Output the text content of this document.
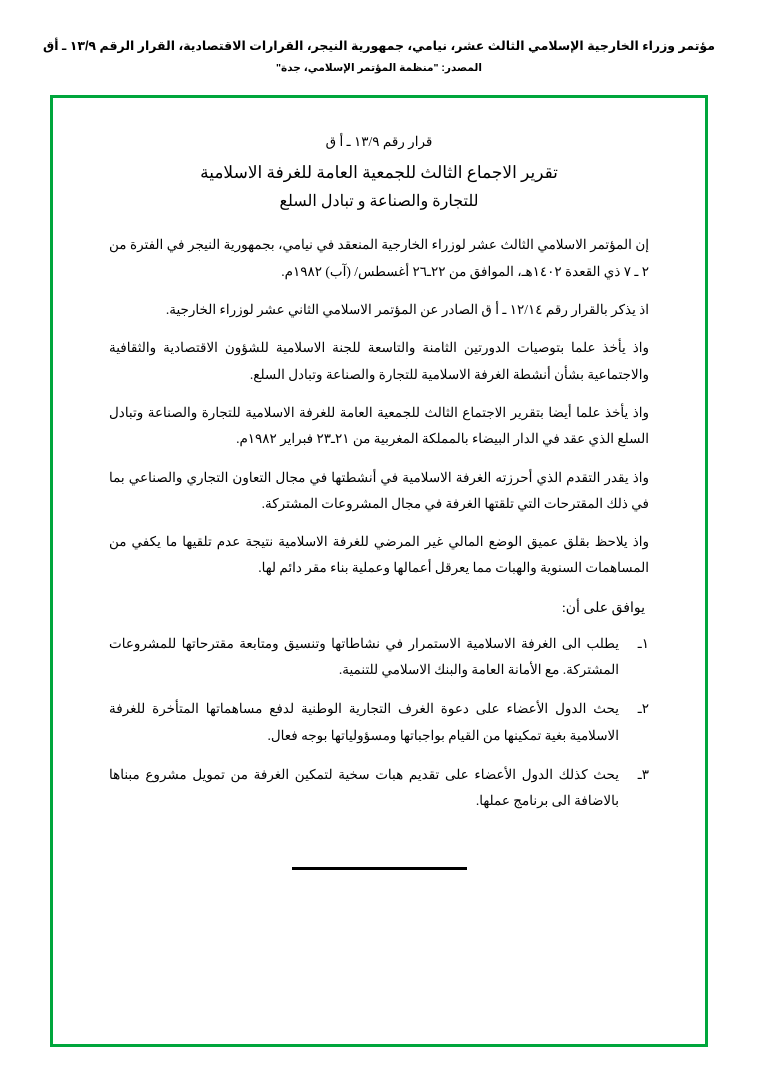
مؤتمر وزراء الخارجية الإسلامي الثالث عشر، نيامي، جمهورية النيجر، القرارات الاقتصادية، القرار الرقم ١٣/٩ ـ أق
المصدر: "منظمة المؤتمر الإسلامي، جدة"
قرار رقم ١٣/٩ ـ أ ق
تقرير الاجماع الثالث للجمعية العامة للغرفة الاسلامية
للتجارة والصناعة و تبادل السلع

إن المؤتمر الاسلامي الثالث عشر لوزراء الخارجية المنعقد في نيامي، بجمهورية النيجر في الفترة من ٢ ـ ٧ ذي القعدة ١٤٠٢هـ، الموافق من ٢٢ـ٢٦ أغسطس/ (آب) ١٩٨٢م.

اذ يذكر بالقرار رقم ١٢/١٤ ـ أ ق الصادر عن المؤتمر الاسلامي الثاني عشر لوزراء الخارجية.

واذ يأخذ علما بتوصيات الدورتين الثامنة والتاسعة للجنة الاسلامية للشؤون الاقتصادية والثقافية والاجتماعية بشأن أنشطة الغرفة الاسلامية للتجارة والصناعة وتبادل السلع.

واذ يأخذ علما أيضا بتقرير الاجتماع الثالث للجمعية العامة للغرفة الاسلامية للتجارة والصناعة وتبادل السلع الذي عقد في الدار البيضاء بالمملكة المغربية من ٢١ـ٢٣ فبراير ١٩٨٢م.

واذ يقدر التقدم الذي أحرزته الغرفة الاسلامية في أنشطتها في مجال التعاون التجاري والصناعي بما في ذلك المقترحات التي تلقتها الغرفة في مجال المشروعات المشتركة.

واذ يلاحظ بقلق عميق الوضع المالي غير المرضي للغرفة الاسلامية نتيجة عدم تلقيها ما يكفي من المساهمات السنوية والهبات مما يعرقل أعمالها وعملية بناء مقر دائم لها.

يوافق على أن:
١ـ
يطلب الى الغرفة الاسلامية الاستمرار في نشاطاتها وتنسيق ومتابعة مقترحاتها للمشروعات المشتركة. مع الأمانة العامة والبنك الاسلامي للتنمية.
٢ـ
يحث الدول الأعضاء على دعوة الغرف التجارية الوطنية لدفع مساهماتها المتأخرة للغرفة الاسلامية بغية تمكينها من القيام بواجباتها ومسؤولياتها بوجه فعال.
٣ـ
يحث كذلك الدول الأعضاء على تقديم هبات سخية لتمكين الغرفة من تمويل مشروع مبناها بالاضافة الى برنامج عملها.
